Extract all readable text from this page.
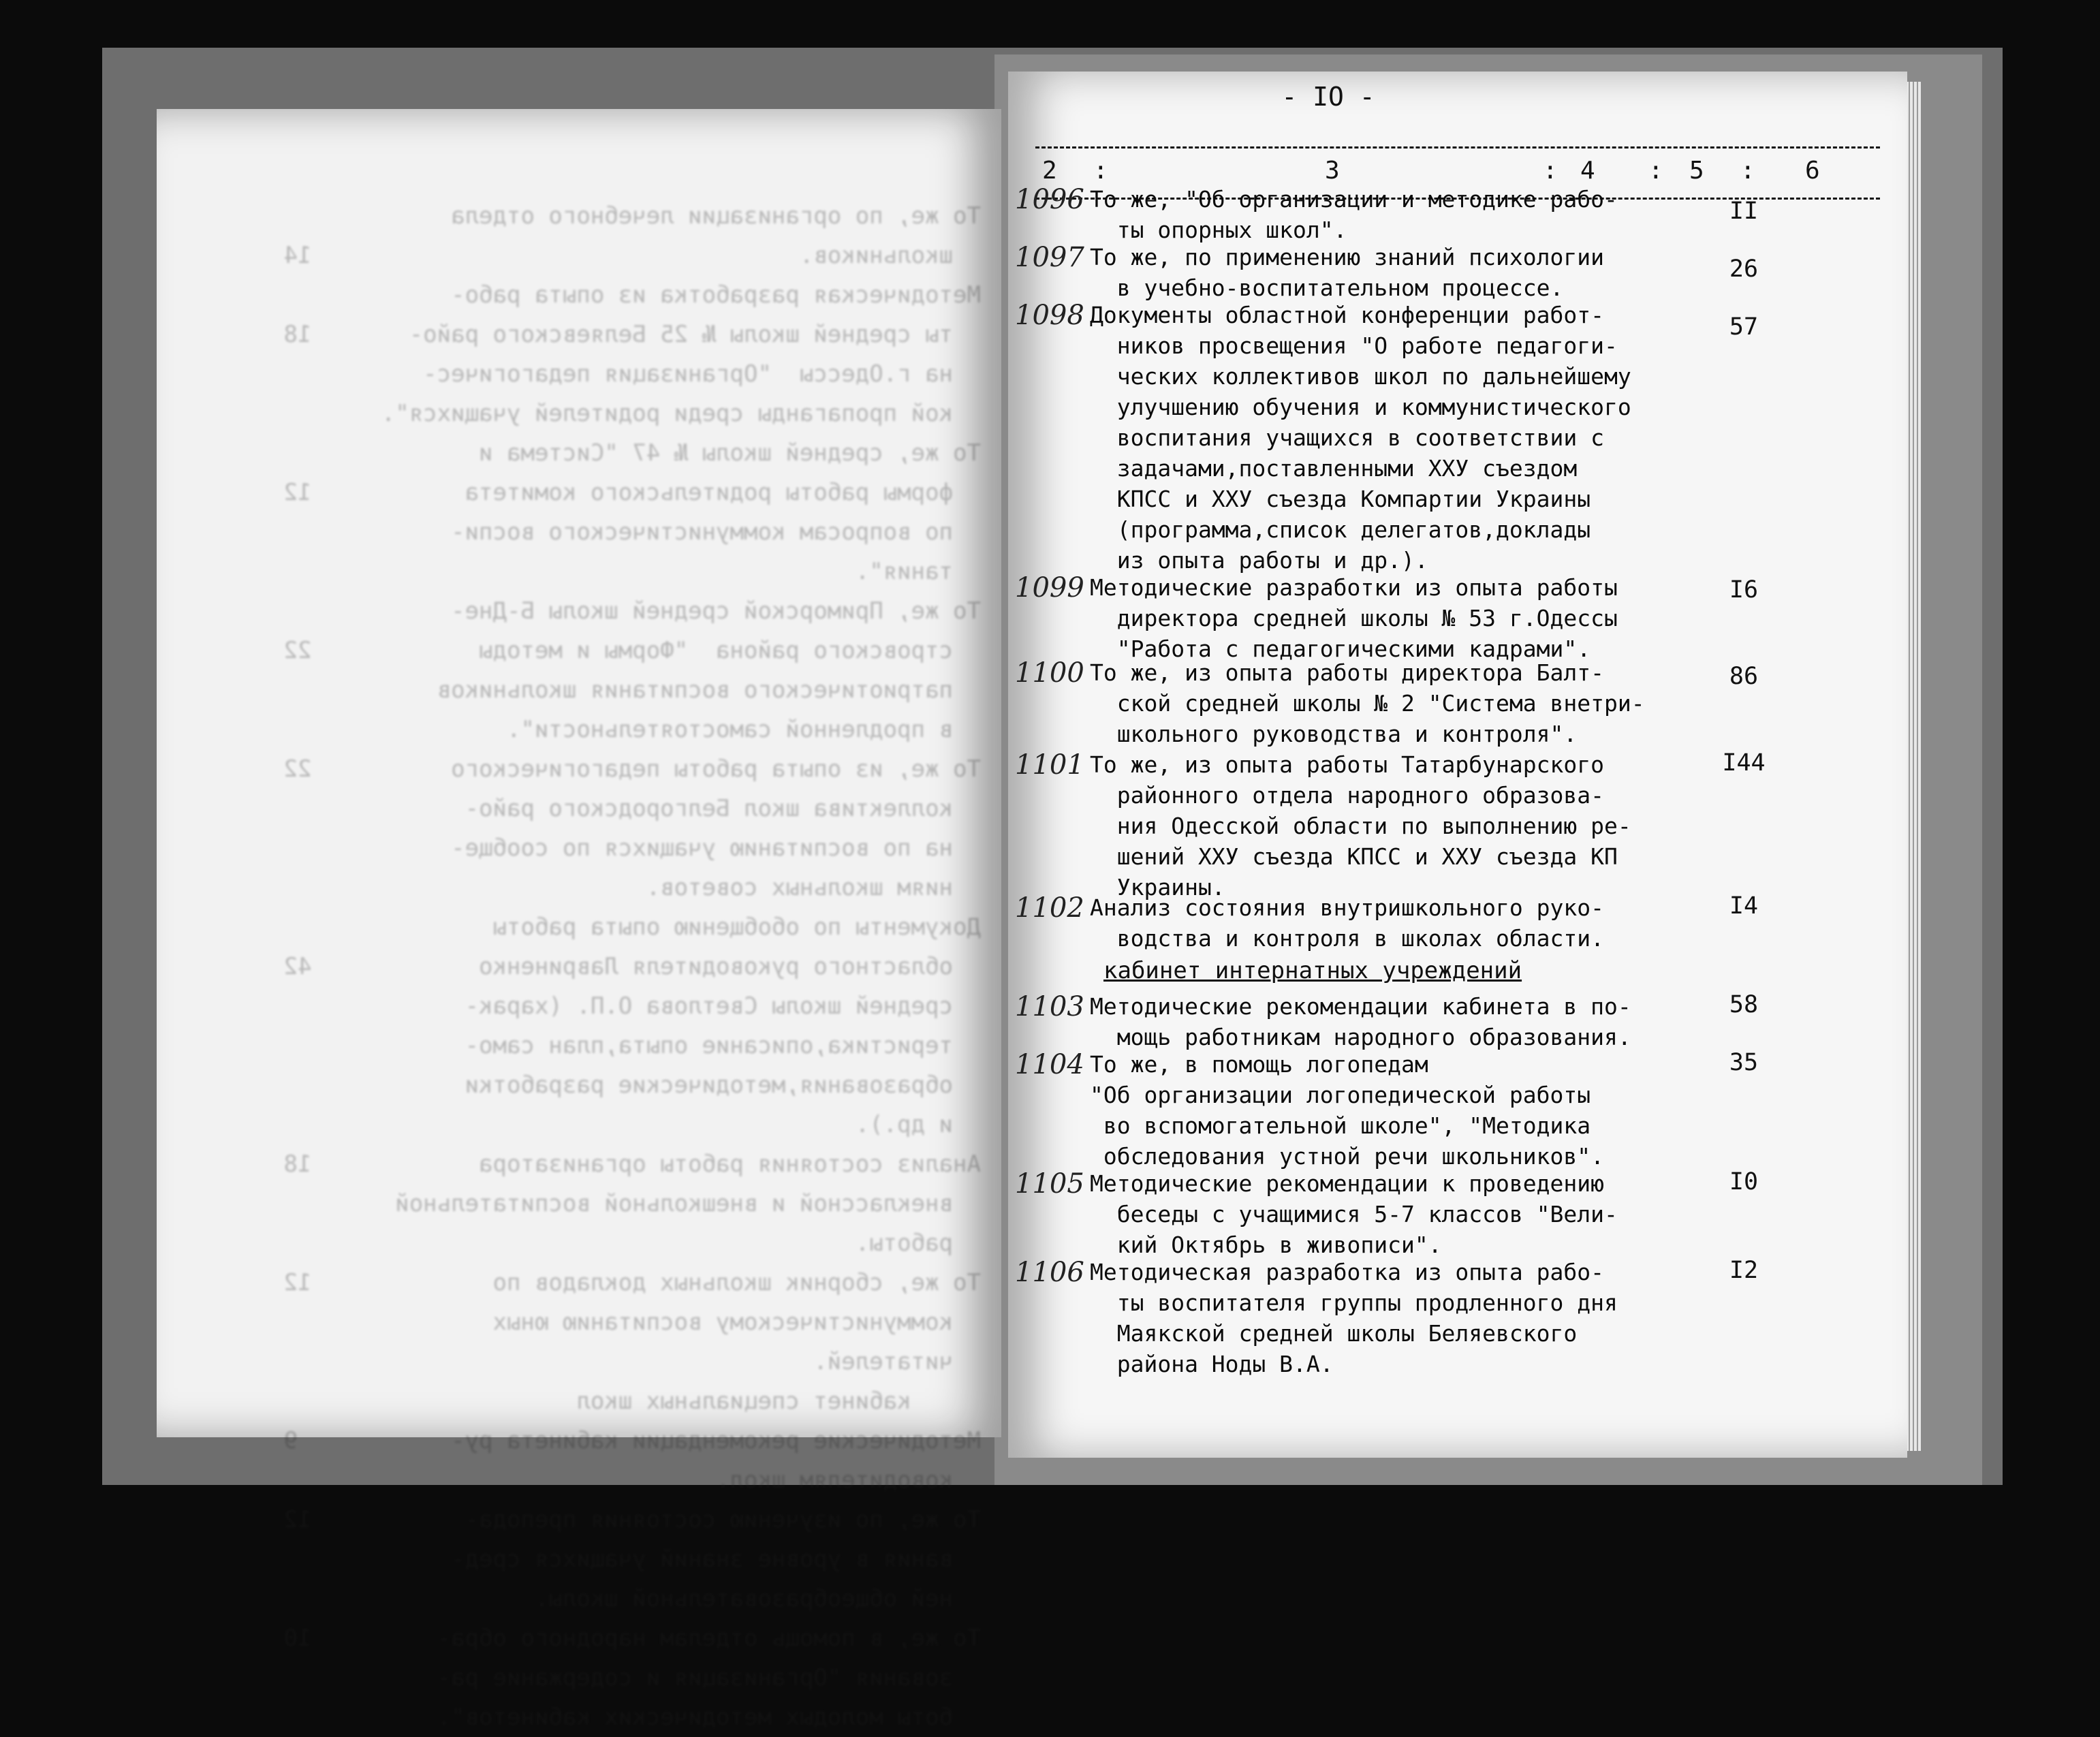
То же, по организации лечебного отдела
школьников.                                   14
Методическая разработка из опыта рабо-
ты средней школы № 25 Беляевского райо-       18
на г.Одессы  "Организация педагогичес-
кой пропаганды среди родителей учащихся".
То же, средней школы № 47 "Система и
формы работы родительского комитета           12
по вопросам коммунистического воспи-
тания".
То же, Приморской средней школы Б-Дне-
стровского района  "Формы и методы            22
патриотического воспитания школьников
в продленной самостоятельности".
То же, из опыта работы педагогического          22
коллектива школ Белгородского райо-
на по воспитанию учащихся по сообще-
ниям школьных советов.
Документы по обобщению опыта работы
областного руководителя Лавриненко            42
средней школы Светлова О.П. (харак-
теристика,описание опыта,план само-
образования,методические разработки
и др.).
Анализ состояния работы организатора            18
внеклассной и внешкольной воспитательной
работы.
То же, сборник школьных докладов по             12
коммунистическому воспитанию юных
читателей.
кабинет специальных школ
Методические рекомендации кабинета ру-           9
ководителям школ.
То же, по изучению состояния препода-           12
вания в уровне знаний учащихся сред-
ней общеобразовательной школы.
То же, в помощь отделам народного обра-         10
зования "Организация и содержание ра-
боты молодых методических кабинетов".

- IO -
2 :	3	: 4 : 5 : 6
1096 То же, "Об организации и методике рабо-
ты опорных школ".
II
1097 То же, по применению знаний психологии
в учебно-воспитательном процессе.
26
1098 Документы областной конференции работ-
ников просвещения "О работе педагоги-
ческих коллективов школ по дальнейшему
улучшению обучения и коммунистического
воспитания учащихся в соответствии с
задачами,поставленными ХХУ съездом
КПСС и ХХУ съезда Компартии Украины
(программа,список делегатов,доклады
из опыта работы и др.).
57
1099 Методические разработки из опыта работы
директора средней школы № 53 г.Одессы
"Работа с педагогическими кадрами".
I6
1100 То же, из опыта работы директора Балт-
ской средней школы № 2 "Система внетри-
школьного руководства и контроля".
86
1101 То же, из опыта работы Татарбунарского
районного отдела народного образова-
ния Одесской области по выполнению ре-
шений ХХУ съезда КПСС и ХХУ съезда КП
Украины.
I44
1102 Анализ состояния внутришкольного руко-
водства и контроля в школах области.
I4
1103 Методические рекомендации кабинета в по-
мощь работникам народного образования.
58
1104 То же, в помощь логопедам
"Об организации логопедической работы
во вспомогательной школе", "Методика
обследования устной речи школьников".
35
1105 Методические рекомендации к проведению
беседы с учащимися 5-7 классов "Вели-
кий Октябрь в живописи".
I0
1106 Методическая разработка из опыта рабо-
ты воспитателя группы продленного дня
Маякской средней школы Беляевского
района Ноды В.А.
I2
кабинет интернатных учреждений
